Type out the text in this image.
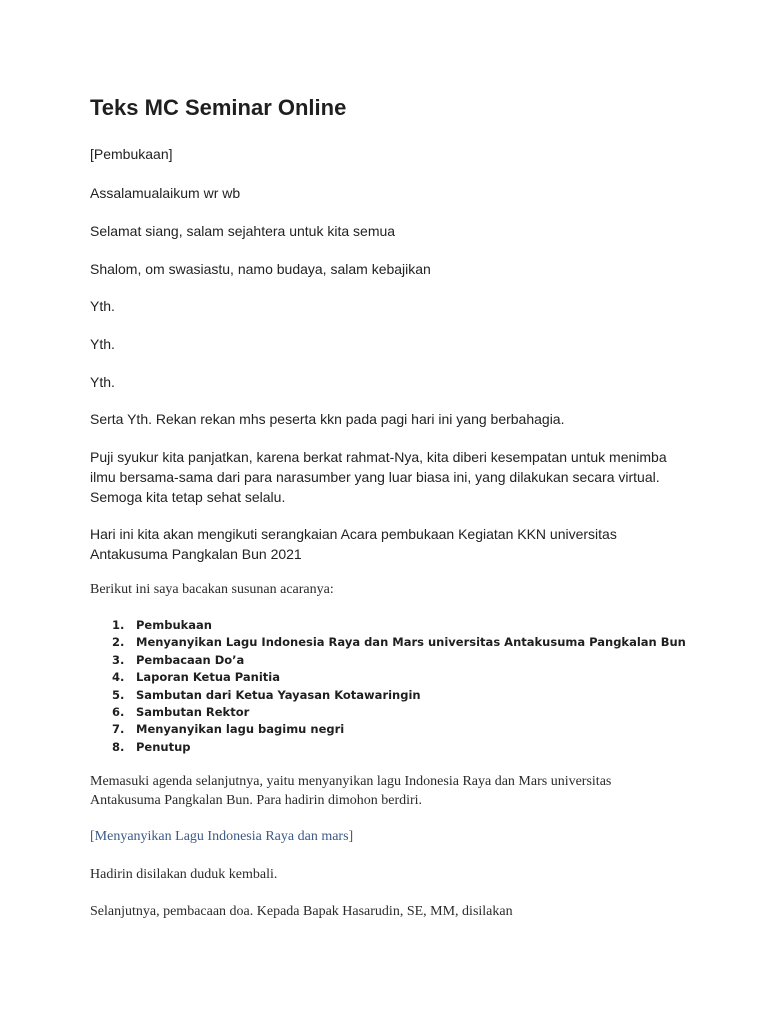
Teks MC Seminar Online
[Pembukaan]
Assalamualaikum wr wb
Selamat siang, salam sejahtera untuk kita semua
Shalom, om swasiastu, namo budaya, salam kebajikan
Yth.
Yth.
Yth.
Serta Yth. Rekan rekan mhs peserta kkn pada pagi hari ini yang berbahagia.
Puji syukur kita panjatkan, karena berkat rahmat-Nya, kita diberi kesempatan untuk menimba ilmu bersama-sama dari para narasumber yang luar biasa ini, yang dilakukan secara virtual. Semoga kita tetap sehat selalu.
Hari ini kita akan mengikuti serangkaian Acara pembukaan Kegiatan KKN universitas Antakusuma Pangkalan Bun 2021
Berikut ini saya bacakan susunan acaranya:
1. Pembukaan
2. Menyanyikan Lagu Indonesia Raya dan Mars universitas Antakusuma Pangkalan Bun
3. Pembacaan Do’a
4. Laporan Ketua Panitia
5. Sambutan dari Ketua Yayasan Kotawaringin
6. Sambutan Rektor
7. Menyanyikan lagu bagimu negri
8. Penutup
Memasuki agenda selanjutnya, yaitu menyanyikan lagu Indonesia Raya dan Mars universitas Antakusuma Pangkalan Bun. Para hadirin dimohon berdiri.
[Menyanyikan Lagu Indonesia Raya dan mars]
Hadirin disilakan duduk kembali.
Selanjutnya, pembacaan doa. Kepada Bapak Hasarudin, SE, MM, disilakan
